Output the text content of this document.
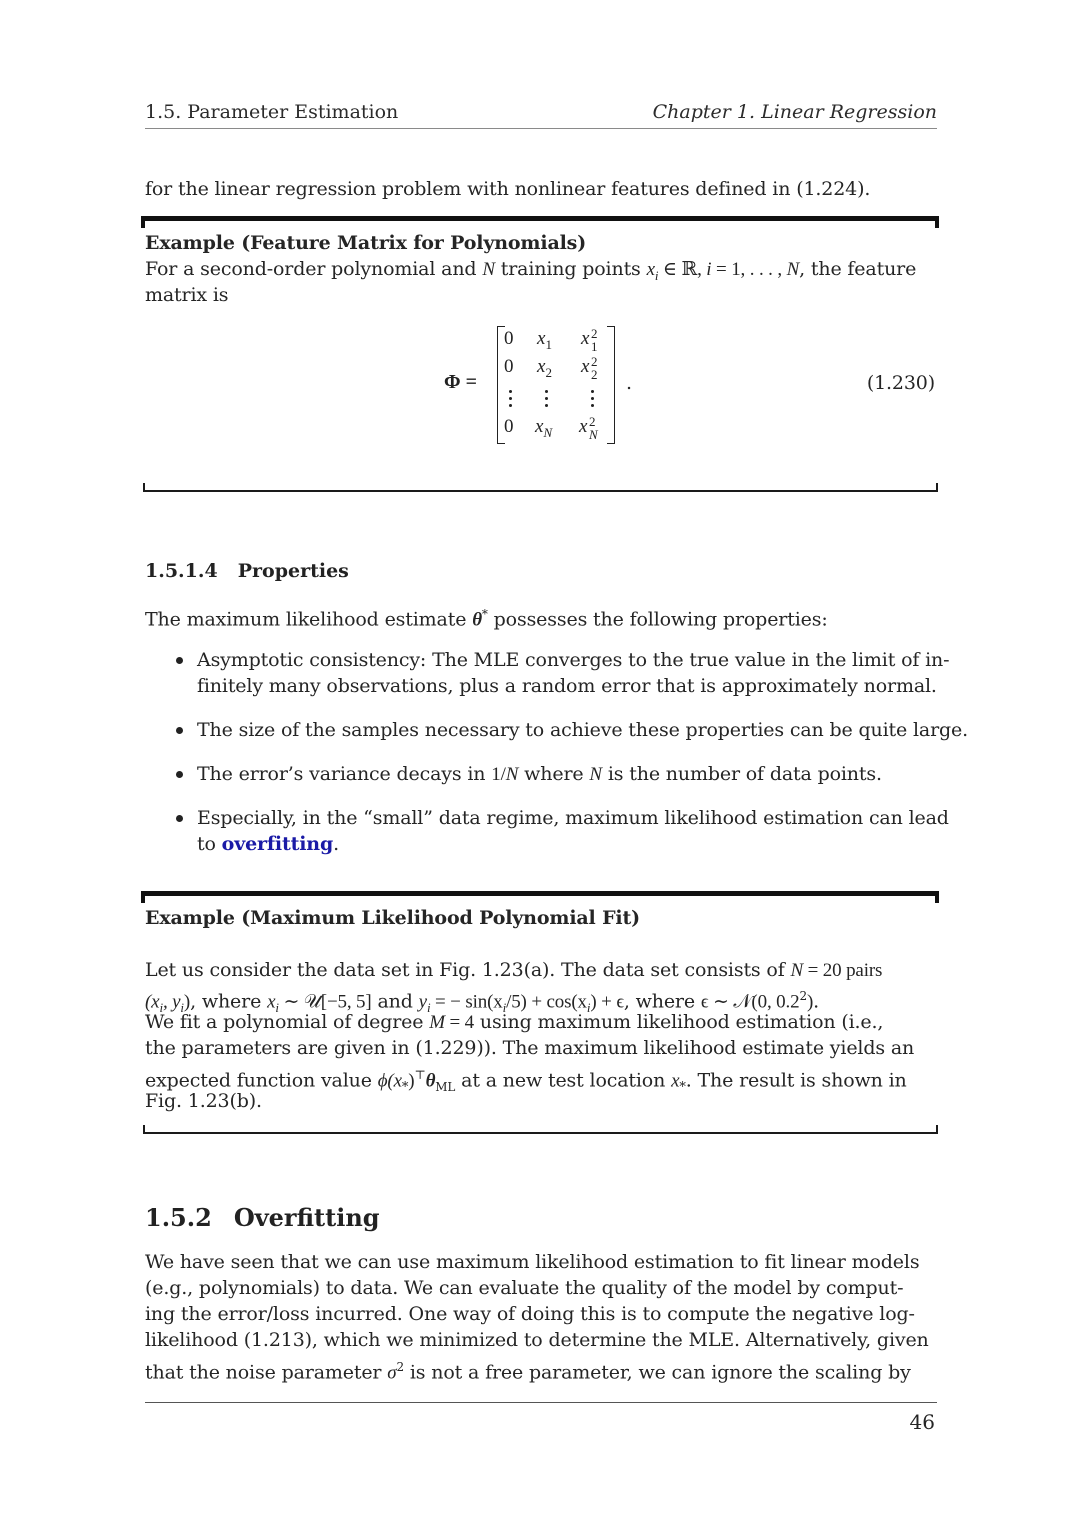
1.5. Parameter Estimation	Chapter 1. Linear Regression
for the linear regression problem with nonlinear features defined in (1.224).
Example (Feature Matrix for Polynomials)
For a second-order polynomial and N training points $x_i$ ∈ ℝ, i = 1, . . . , N, the feature
matrix is
Φ =
0 $x_1$ x 2
1
0 $x_2$ x 2
2
0 $x_N$ x 2
N
.	(1.230)
1.5.1.4 Properties
The maximum likelihood estimate θ* possesses the following properties:
Asymptotic consistency: The MLE converges to the true value in the limit of in-
finitely many observations, plus a random error that is approximately normal.
The size of the samples necessary to achieve these properties can be quite large.
The error’s variance decays in 1/N where N is the number of data points.
Especially, in the “small” data regime, maximum likelihood estimation can lead
to overfitting.
Example (Maximum Likelihood Polynomial Fit)
Let us consider the data set in Fig. 1.23(a). The data set consists of N = 20 pairs
($x_i$, $y_i$), where $x_i$ ∼ 𝒰[−5, 5] and $y_i$ = − $\sin(x_i/5) + \cos(x_i) + \epsilon$, where ϵ ∼ 𝒩(0, $0.2^2$).
We fit a polynomial of degree M = 4 using maximum likelihood estimation (i.e.,
the parameters are given in (1.229)). The maximum likelihood estimate yields an
expected function value $\phi(x_*)^⊤\theta_{ML}$ at a new test location $x_*$. The result is shown in
Fig. 1.23(b).
1.5.2 Overfitting
We have seen that we can use maximum likelihood estimation to fit linear models
(e.g., polynomials) to data. We can evaluate the quality of the model by comput-
ing the error/loss incurred. One way of doing this is to compute the negative log-
likelihood (1.213), which we minimized to determine the MLE. Alternatively, given
that the noise parameter $\sigma^2$ is not a free parameter, we can ignore the scaling by
46
